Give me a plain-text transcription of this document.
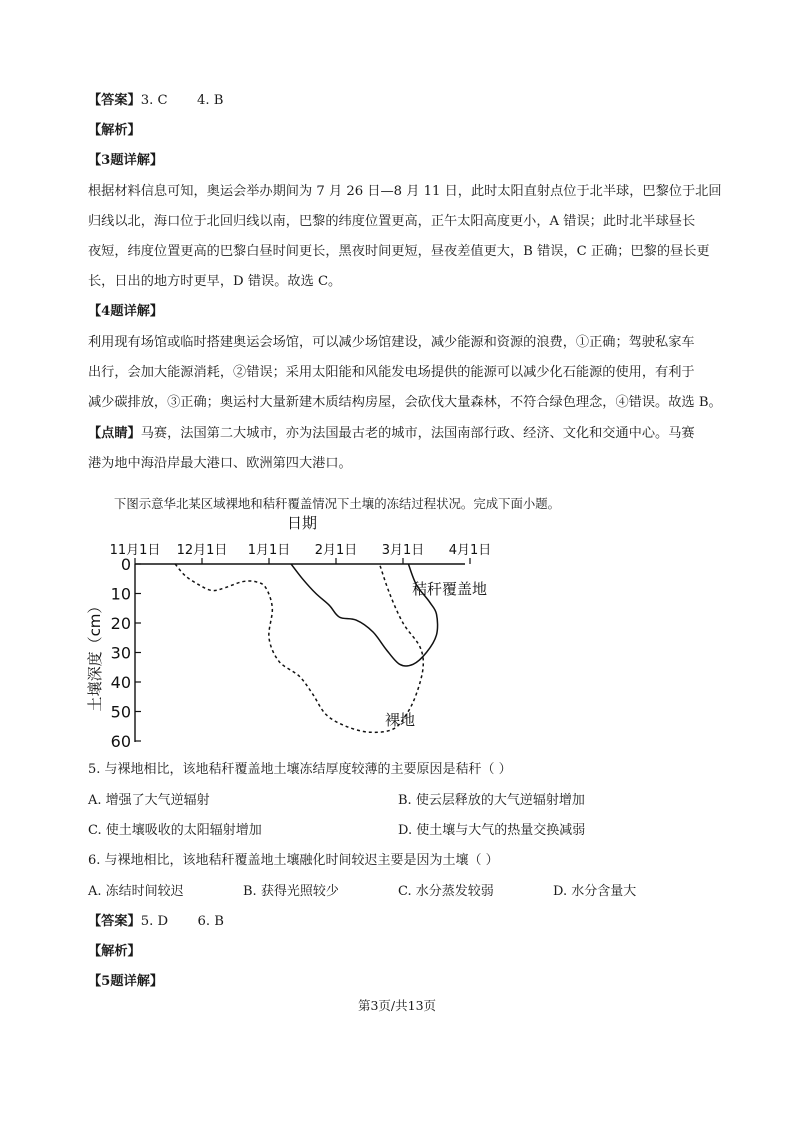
【答案】3. C       4. B
【解析】
【3题详解】
根据材料信息可知，奥运会举办期间为 7 月 26 日—8 月 11 日，此时太阳直射点位于北半球，巴黎位于北回
归线以北，海口位于北回归线以南，巴黎的纬度位置更高，正午太阳高度更小，A 错误；此时北半球昼长
夜短，纬度位置更高的巴黎白昼时间更长，黑夜时间更短，昼夜差值更大，B 错误，C 正确；巴黎的昼长更
长，日出的地方时更早，D 错误。故选 C。
【4题详解】
利用现有场馆或临时搭建奥运会场馆，可以减少场馆建设，减少能源和资源的浪费，①正确；驾驶私家车
出行，会加大能源消耗，②错误；采用太阳能和风能发电场提供的能源可以减少化石能源的使用，有利于
减少碳排放，③正确；奥运村大量新建木质结构房屋，会砍伐大量森林，不符合绿色理念，④错误。故选 B。
【点睛】马赛，法国第二大城市，亦为法国最古老的城市，法国南部行政、经济、文化和交通中心。马赛
港为地中海沿岸最大港口、欧洲第四大港口。
下图示意华北某区域裸地和秸秆覆盖情况下土壤的冻结过程状况。完成下面小题。
日期
11月1日 12月1日 1月1日 2月1日 3月1日 4月1日
0
10
20
30
40
50
60
土壤深度（cm）
秸秆覆盖地
裸地
5. 与裸地相比，该地秸秆覆盖地土壤冻结厚度较薄的主要原因是秸秆（ ）
A. 增强了大气逆辐射	B. 使云层释放的大气逆辐射增加
C. 使土壤吸收的太阳辐射增加	D. 使土壤与大气的热量交换减弱
6. 与裸地相比，该地秸秆覆盖地土壤融化时间较迟主要是因为土壤（ ）
A. 冻结时间较迟	B. 获得光照较少	C. 水分蒸发较弱	D. 水分含量大
【答案】5. D       6. B
【解析】
【5题详解】
第3页/共13页
